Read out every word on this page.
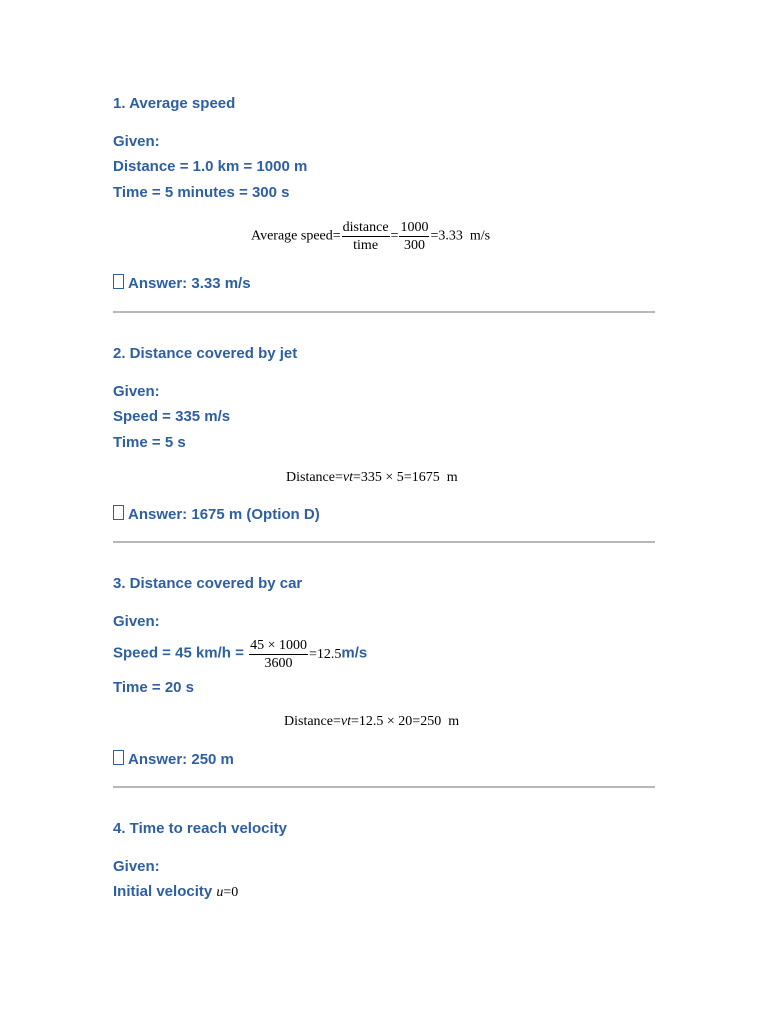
1. Average speed
Given:
Distance = 1.0 km = 1000 m
Time = 5 minutes = 300 s
Average speed= $\frac{\text{distance}}{\text{time}} = \frac{1000}{300} =3.33$ m/s
Answer: 3.33 m/s
2. Distance covered by jet
Given:
Speed = 335 m/s
Time = 5 s
Distance=vt=335 × 5=1675 m
Answer: 1675 m (Option D)
3. Distance covered by car
Given:
Speed = 45 $km/h = \frac{45 \times 1000}{3600} =12.5m/s$
Time = 20 s
Distance=vt=12.5 × 20=250 m
Answer: 250 m
4. Time to reach velocity
Given:
Initial velocity u=0
